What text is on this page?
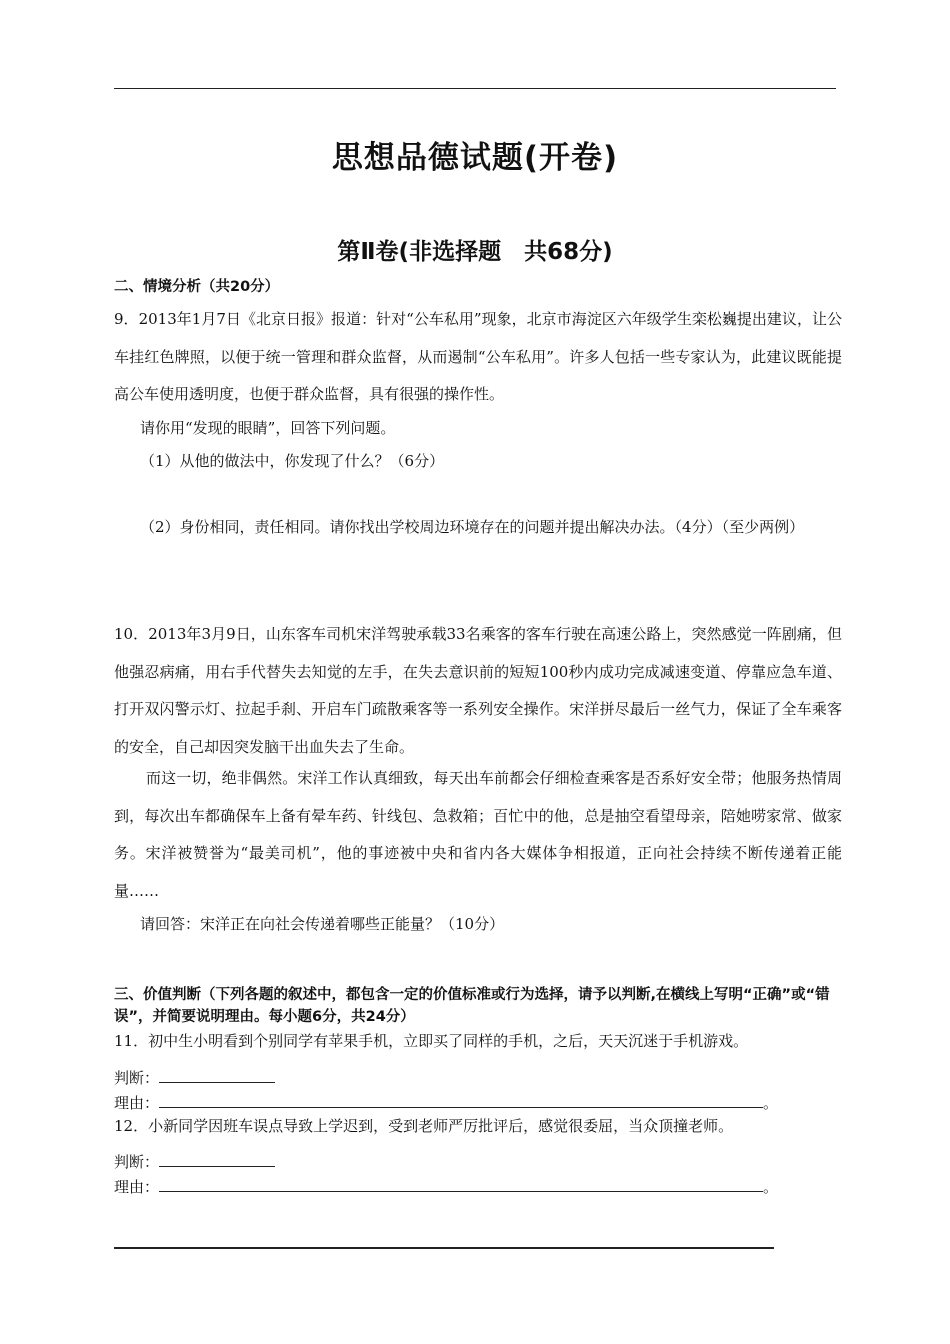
思想品德试题(开卷)
第Ⅱ卷(非选择题　共68分)
二、情境分析（共20分）
9．2013年1月7日《北京日报》报道：针对“公车私用”现象，北京市海淀区六年级学生栾松巍提出建议，让公车挂红色牌照，以便于统一管理和群众监督，从而遏制“公车私用”。许多人包括一些专家认为，此建议既能提高公车使用透明度，也便于群众监督，具有很强的操作性。
请你用“发现的眼睛”，回答下列问题。
（1）从他的做法中，你发现了什么？（6分）
（2）身份相同，责任相同。请你找出学校周边环境存在的问题并提出解决办法。（4分）（至少两例）
10．2013年3月9日，山东客车司机宋洋驾驶承载33名乘客的客车行驶在高速公路上，突然感觉一阵剧痛，但他强忍病痛，用右手代替失去知觉的左手，在失去意识前的短短100秒内成功完成减速变道、停靠应急车道、打开双闪警示灯、拉起手刹、开启车门疏散乘客等一系列安全操作。宋洋拼尽最后一丝气力，保证了全车乘客的安全，自己却因突发脑干出血失去了生命。
而这一切，绝非偶然。宋洋工作认真细致，每天出车前都会仔细检查乘客是否系好安全带；他服务热情周到，每次出车都确保车上备有晕车药、针线包、急救箱；百忙中的他，总是抽空看望母亲，陪她唠家常、做家务。宋洋被赞誉为“最美司机”，他的事迹被中央和省内各大媒体争相报道，正向社会持续不断传递着正能量……
请回答：宋洋正在向社会传递着哪些正能量？（10分）
三、价值判断（下列各题的叙述中，都包含一定的价值标准或行为选择，请予以判断,在横线上写明“正确”或“错误”，并简要说明理由。每小题6分，共24分）
11．初中生小明看到个别同学有苹果手机，立即买了同样的手机，之后，天天沉迷于手机游戏。
判断：
理由：	。
12．小新同学因班车误点导致上学迟到，受到老师严厉批评后，感觉很委屈，当众顶撞老师。
判断：
理由：	。
